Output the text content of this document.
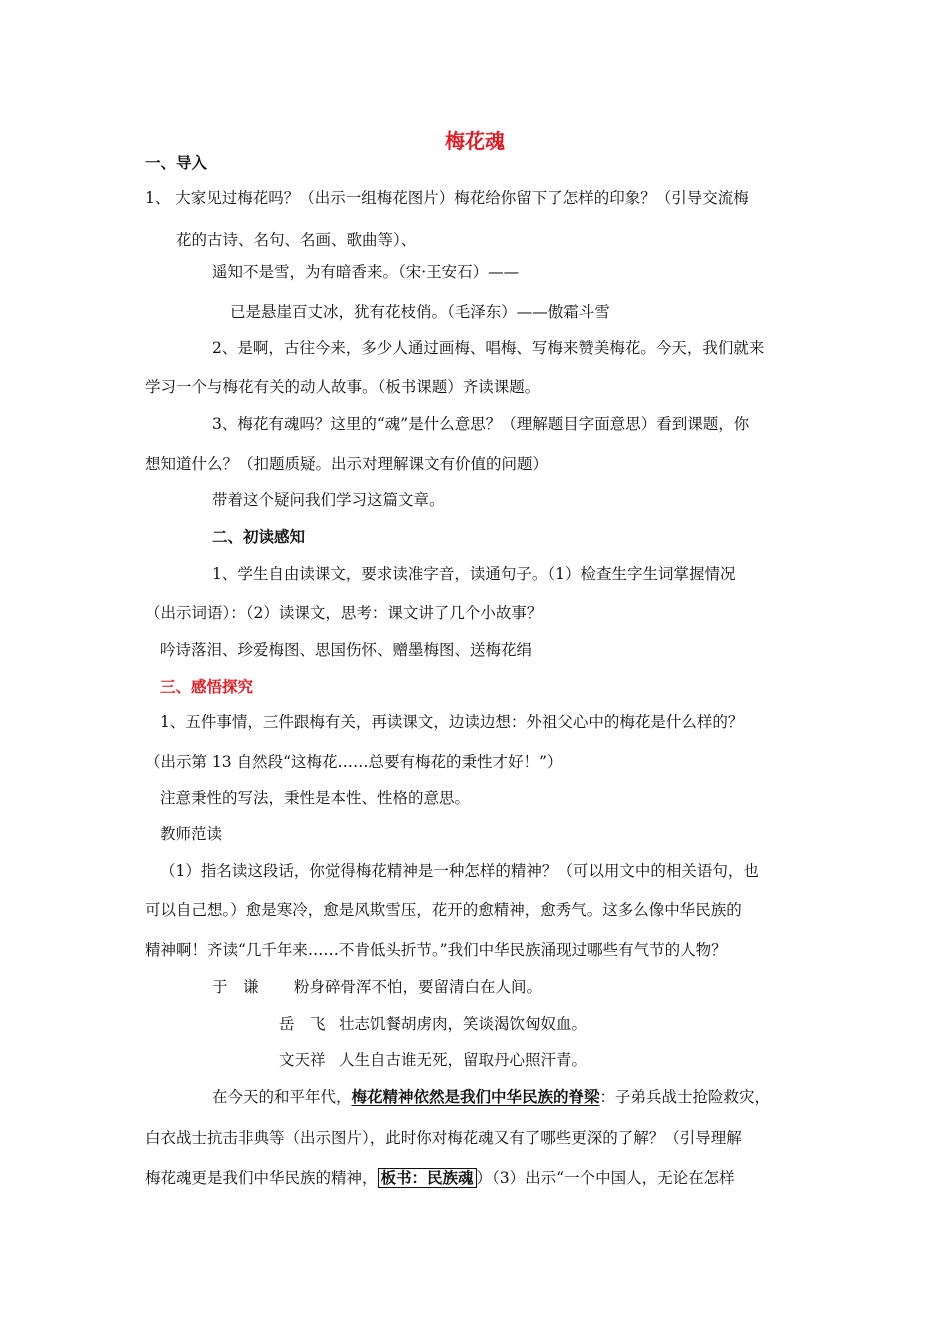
梅花魂
一、导入
1、 大家见过梅花吗？（出示一组梅花图片）梅花给你留下了怎样的印象？（引导交流梅
花的古诗、名句、名画、歌曲等）、
遥知不是雪，为有暗香来。（宋·王安石）——
已是悬崖百丈冰，犹有花枝俏。（毛泽东）——傲霜斗雪
2、是啊，古往今来，多少人通过画梅、唱梅、写梅来赞美梅花。今天，我们就来
学习一个与梅花有关的动人故事。（板书课题）齐读课题。
3、梅花有魂吗？这里的“魂”是什么意思？（理解题目字面意思）看到课题，你
想知道什么？（扣题质疑。出示对理解课文有价值的问题）
带着这个疑问我们学习这篇文章。
二、初读感知
1、学生自由读课文，要求读准字音，读通句子。（1）检查生字生词掌握情况
（出示词语）：（2）读课文，思考：课文讲了几个小故事？
吟诗落泪、珍爱梅图、思国伤怀、赠墨梅图、送梅花绢
三、感悟探究
1、五件事情，三件跟梅有关，再读课文，边读边想：外祖父心中的梅花是什么样的？
（出示第 13 自然段“这梅花……总要有梅花的秉性才好！”）
注意秉性的写法，秉性是本性、性格的意思。
教师范读
（1）指名读这段话，你觉得梅花精神是一种怎样的精神？（可以用文中的相关语句，也
可以自己想。）愈是寒冷，愈是风欺雪压，花开的愈精神，愈秀气。这多么像中华民族的
精神啊！齐读“几千年来……不肯低头折节。”我们中华民族涌现过哪些有气节的人物？
于　谦 粉身碎骨浑不怕，要留清白在人间。
岳　飞 壮志饥餐胡虏肉，笑谈渴饮匈奴血。
文天祥 人生自古谁无死，留取丹心照汗青。
在今天的和平年代，梅花精神依然是我们中华民族的脊梁：子弟兵战士抢险救灾，
白衣战士抗击非典等（出示图片），此时你对梅花魂又有了哪些更深的了解？（引导理解
梅花魂更是我们中华民族的精神， 板书：民族魂 ）（3）出示“一个中国人，无论在怎样
